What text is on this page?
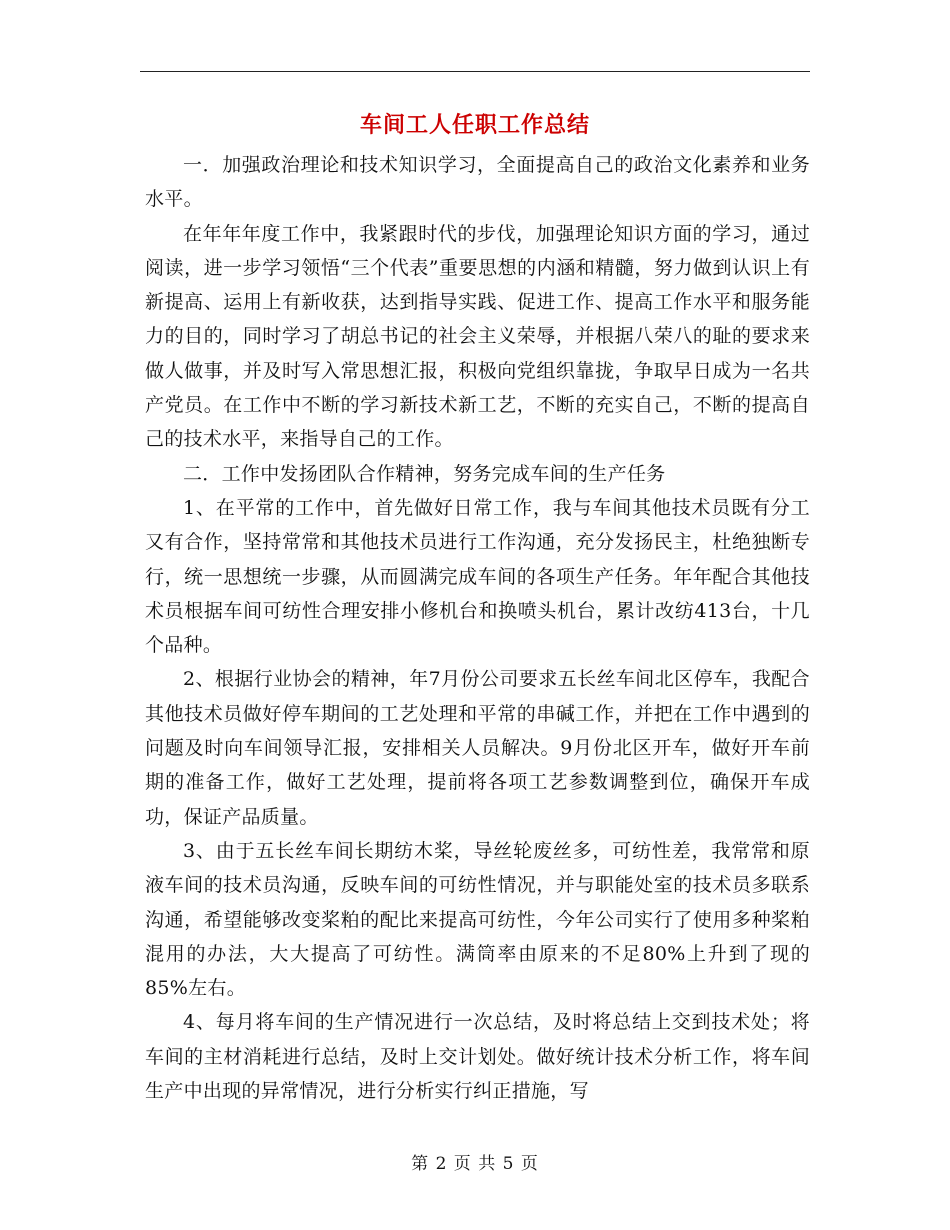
车间工人任职工作总结

一．加强政治理论和技术知识学习，全面提高自己的政治文化素养和业务水平。

在年年年度工作中，我紧跟时代的步伐，加强理论知识方面的学习，通过阅读，进一步学习领悟“三个代表”重要思想的内涵和精髓，努力做到认识上有新提高、运用上有新收获，达到指导实践、促进工作、提高工作水平和服务能力的目的，同时学习了胡总书记的社会主义荣辱，并根据八荣八的耻的要求来做人做事，并及时写入常思想汇报，积极向党组织靠拢，争取早日成为一名共产党员。在工作中不断的学习新技术新工艺，不断的充实自己，不断的提高自己的技术水平，来指导自己的工作。

二．工作中发扬团队合作精神，努务完成车间的生产任务

1、在平常的工作中，首先做好日常工作，我与车间其他技术员既有分工又有合作，坚持常常和其他技术员进行工作沟通，充分发扬民主，杜绝独断专行，统一思想统一步骤，从而圆满完成车间的各项生产任务。年年配合其他技术员根据车间可纺性合理安排小修机台和换喷头机台，累计改纺413台，十几个品种。

2、根据行业协会的精神，年7月份公司要求五长丝车间北区停车，我配合其他技术员做好停车期间的工艺处理和平常的串碱工作，并把在工作中遇到的问题及时向车间领导汇报，安排相关人员解决。9月份北区开车，做好开车前期的准备工作，做好工艺处理，提前将各项工艺参数调整到位，确保开车成功，保证产品质量。

3、由于五长丝车间长期纺木桨，导丝轮废丝多，可纺性差，我常常和原液车间的技术员沟通，反映车间的可纺性情况，并与职能处室的技术员多联系沟通，希望能够改变桨粕的配比来提高可纺性，今年公司实行了使用多种桨粕混用的办法，大大提高了可纺性。满筒率由原来的不足80%上升到了现的85%左右。

4、每月将车间的生产情况进行一次总结，及时将总结上交到技术处；将车间的主材消耗进行总结，及时上交计划处。做好统计技术分析工作，将车间生产中出现的异常情况，进行分析实行纠正措施，写

第 2 页 共 5 页
